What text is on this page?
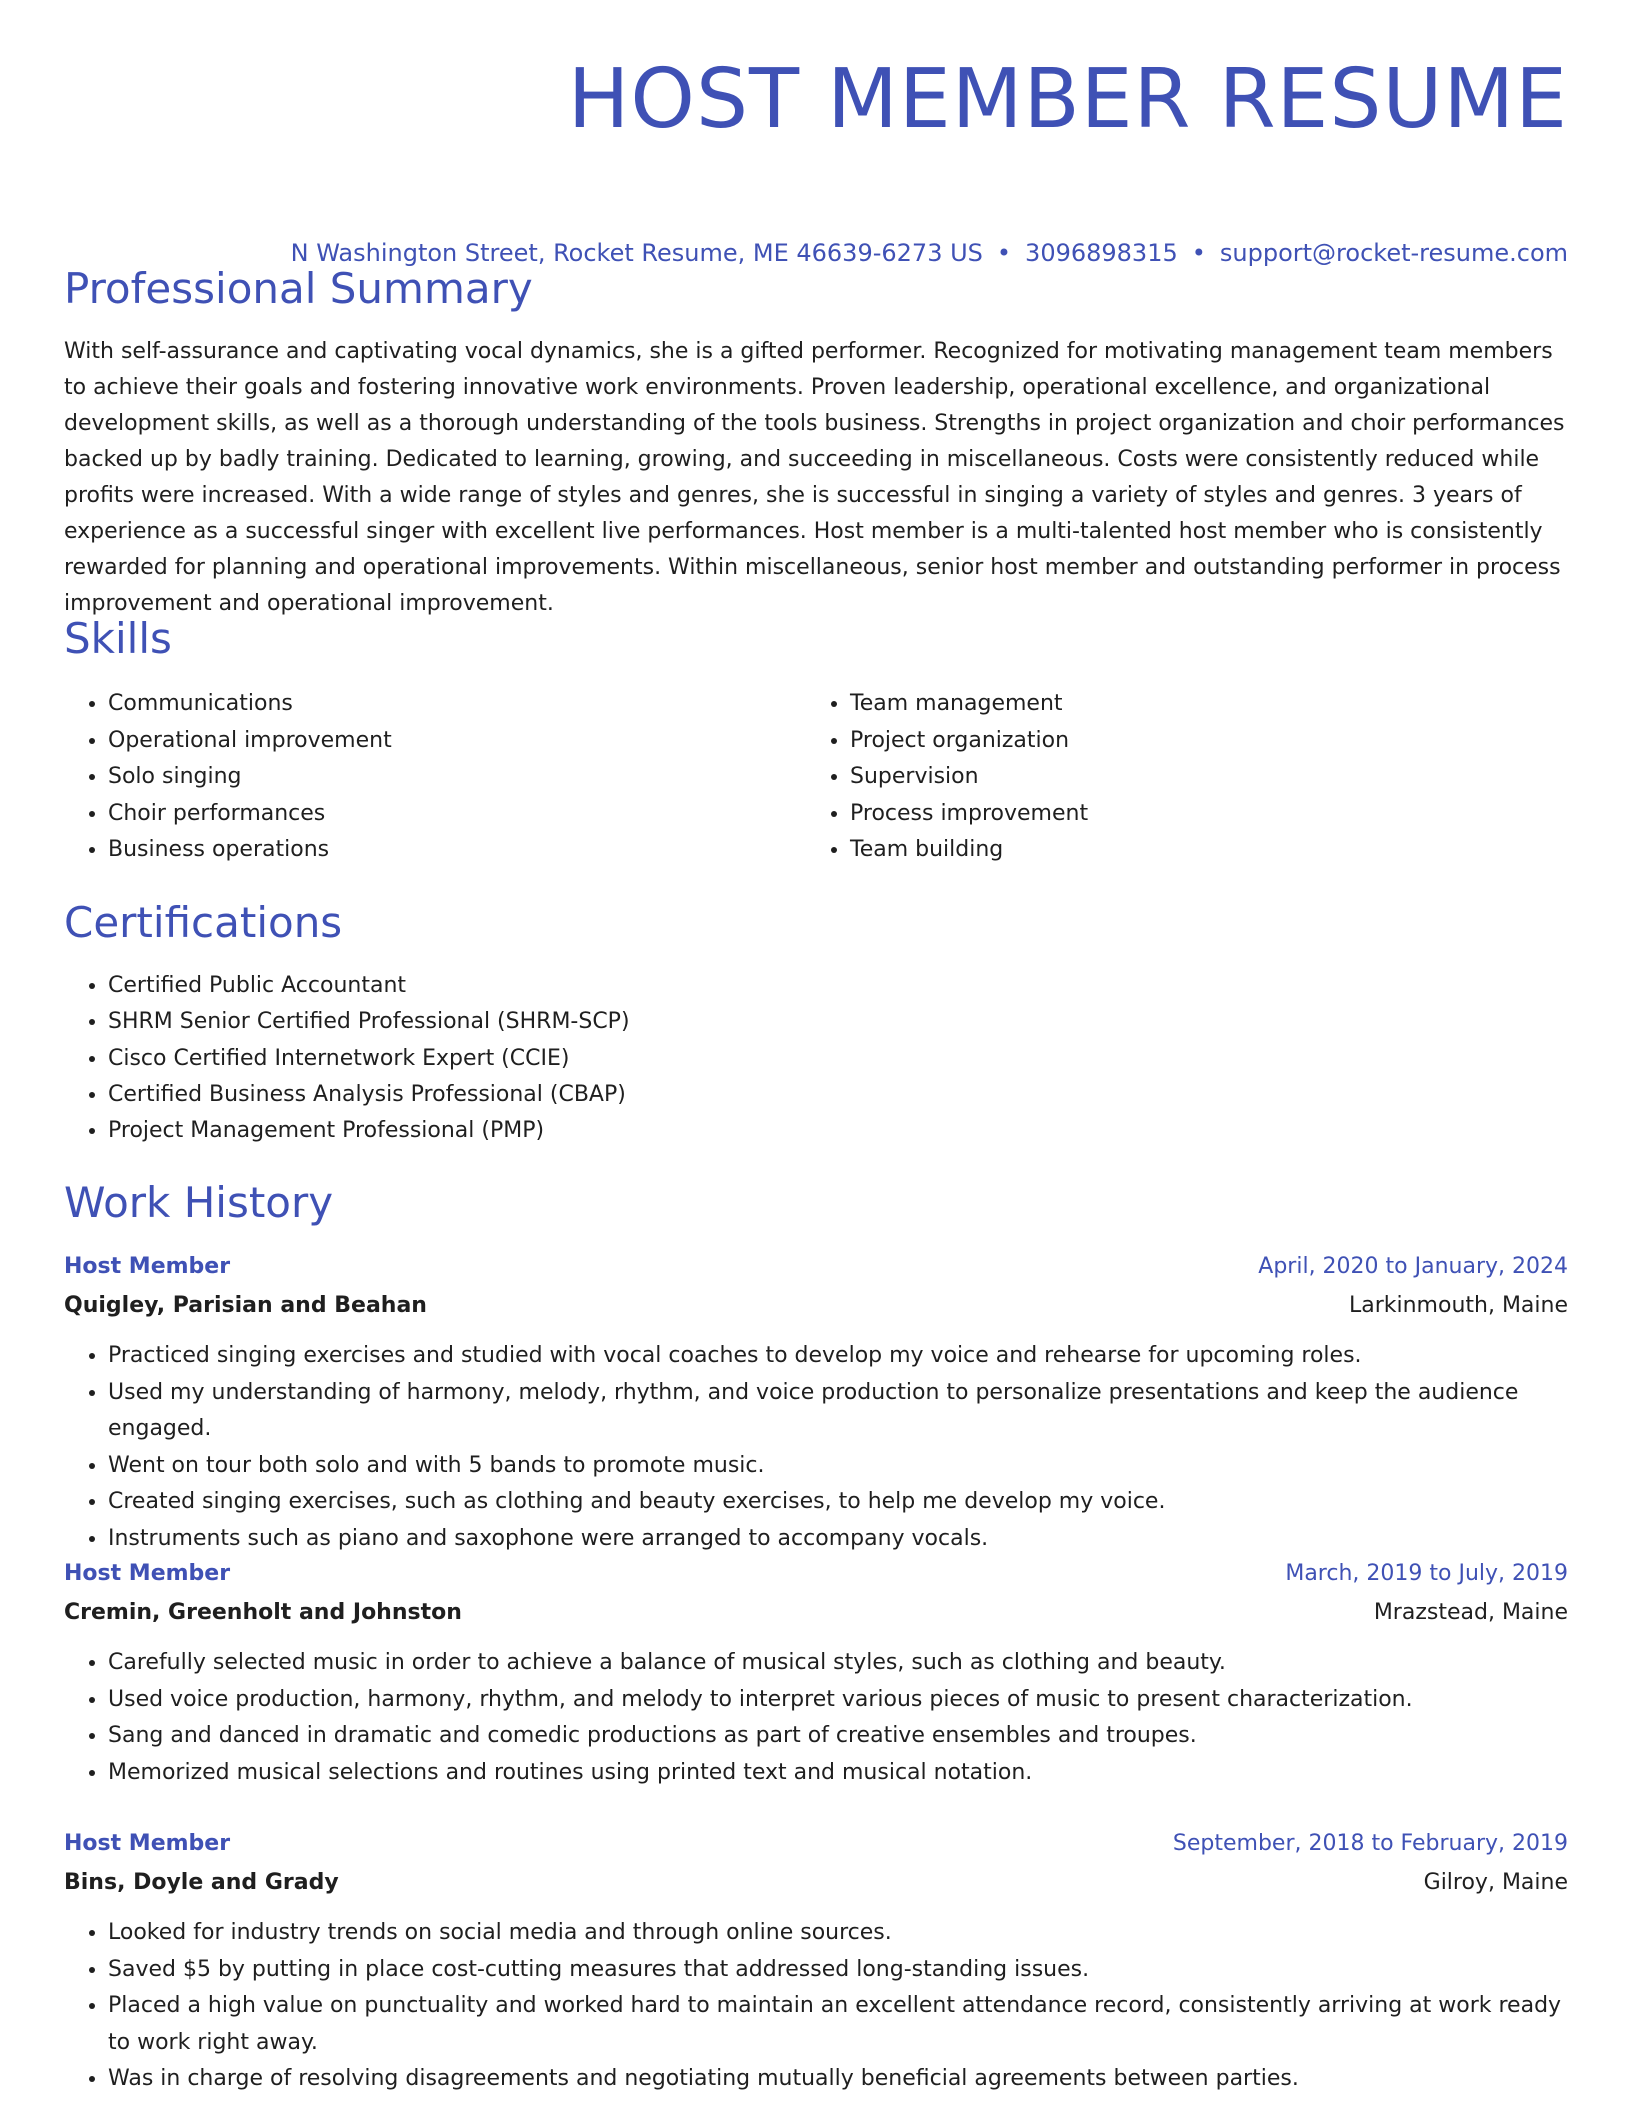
HOST MEMBER RESUME
N Washington Street, Rocket Resume, ME 46639-6273 US • 3096898315 • support@rocket-resume.com
Professional Summary

With self-assurance and captivating vocal dynamics, she is a gifted performer. Recognized for motivating management team members to achieve their goals and fostering innovative work environments. Proven leadership, operational excellence, and organizational development skills, as well as a thorough understanding of the tools business. Strengths in project organization and choir performances backed up by badly training. Dedicated to learning, growing, and succeeding in miscellaneous. Costs were consistently reduced while profits were increased. With a wide range of styles and genres, she is successful in singing a variety of styles and genres. 3 years of experience as a successful singer with excellent live performances. Host member is a multi-talented host member who is consistently rewarded for planning and operational improvements. Within miscellaneous, senior host member and outstanding performer in process improvement and operational improvement.

Skills
• Communications
• Operational improvement
• Solo singing
• Choir performances
• Business operations
• Team management
• Project organization
• Supervision
• Process improvement
• Team building
Certifications
• Certified Public Accountant
• SHRM Senior Certified Professional (SHRM-SCP)
• Cisco Certified Internetwork Expert (CCIE)
• Certified Business Analysis Professional (CBAP)
• Project Management Professional (PMP)
Work History
Host Member	April, 2020 to January, 2024
Quigley, Parisian and Beahan	Larkinmouth, Maine
• Practiced singing exercises and studied with vocal coaches to develop my voice and rehearse for upcoming roles.
• Used my understanding of harmony, melody, rhythm, and voice production to personalize presentations and keep the audience engaged.
• Went on tour both solo and with 5 bands to promote music.
• Created singing exercises, such as clothing and beauty exercises, to help me develop my voice.
• Instruments such as piano and saxophone were arranged to accompany vocals.
Host Member	March, 2019 to July, 2019
Cremin, Greenholt and Johnston	Mrazstead, Maine
• Carefully selected music in order to achieve a balance of musical styles, such as clothing and beauty.
• Used voice production, harmony, rhythm, and melody to interpret various pieces of music to present characterization.
• Sang and danced in dramatic and comedic productions as part of creative ensembles and troupes.
• Memorized musical selections and routines using printed text and musical notation.
Host Member	September, 2018 to February, 2019
Bins, Doyle and Grady	Gilroy, Maine
• Looked for industry trends on social media and through online sources.
• Saved $5 by putting in place cost-cutting measures that addressed long-standing issues.
• Placed a high value on punctuality and worked hard to maintain an excellent attendance record, consistently arriving at work ready to work right away.
• Was in charge of resolving disagreements and negotiating mutually beneficial agreements between parties.
